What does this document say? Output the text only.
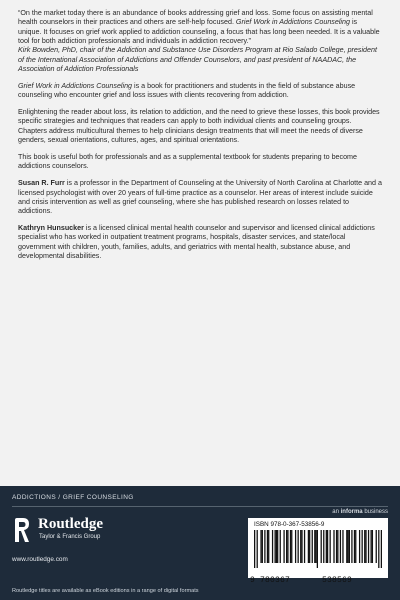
“On the market today there is an abundance of books addressing grief and loss. Some focus on assisting mental health counselors in their practices and others are self-help focused. Grief Work in Addictions Counseling is unique. It focuses on grief work applied to addiction counseling, a focus that has long been needed. It is a valuable tool for both addiction professionals and individuals in addiction recovery.”
Kirk Bowden, PhD, chair of the Addiction and Substance Use Disorders Program at Rio Salado College, president of the International Association of Addictions and Offender Counselors, and past president of NAADAC, the Association of Addiction Professionals

Grief Work in Addictions Counseling is a book for practitioners and students in the field of substance abuse counseling who encounter grief and loss issues with clients recovering from addiction.

Enlightening the reader about loss, its relation to addiction, and the need to grieve these losses, this book provides specific strategies and techniques that readers can apply to both individual clients and counseling groups. Chapters address multicultural themes to help clinicians design treatments that will meet the needs of diverse genders, sexual orientations, cultures, ages, and spiritual orientations.

This book is useful both for professionals and as a supplemental textbook for students preparing to become addictions counselors.

Susan R. Furr is a professor in the Department of Counseling at the University of North Carolina at Charlotte and a licensed psychologist with over 20 years of full-time practice as a counselor. Her areas of interest include suicide and crisis intervention as well as grief counseling, where she has published research on losses related to addictions.

Kathryn Hunsucker is a licensed clinical mental health counselor and supervisor and licensed clinical addictions specialist who has worked in outpatient treatment programs, hospitals, disaster services, and state/local government with children, youth, families, adults, and geriatrics with mental health, substance abuse, and developmental disabilities.

ADDICTIONS / GRIEF COUNSELING
an informa business
Routledge
Taylor & Francis Group
www.routledge.com
ISBN 978-0-367-53856-9
9 780367	538569
Routledge titles are available as eBook editions in a range of digital formats
